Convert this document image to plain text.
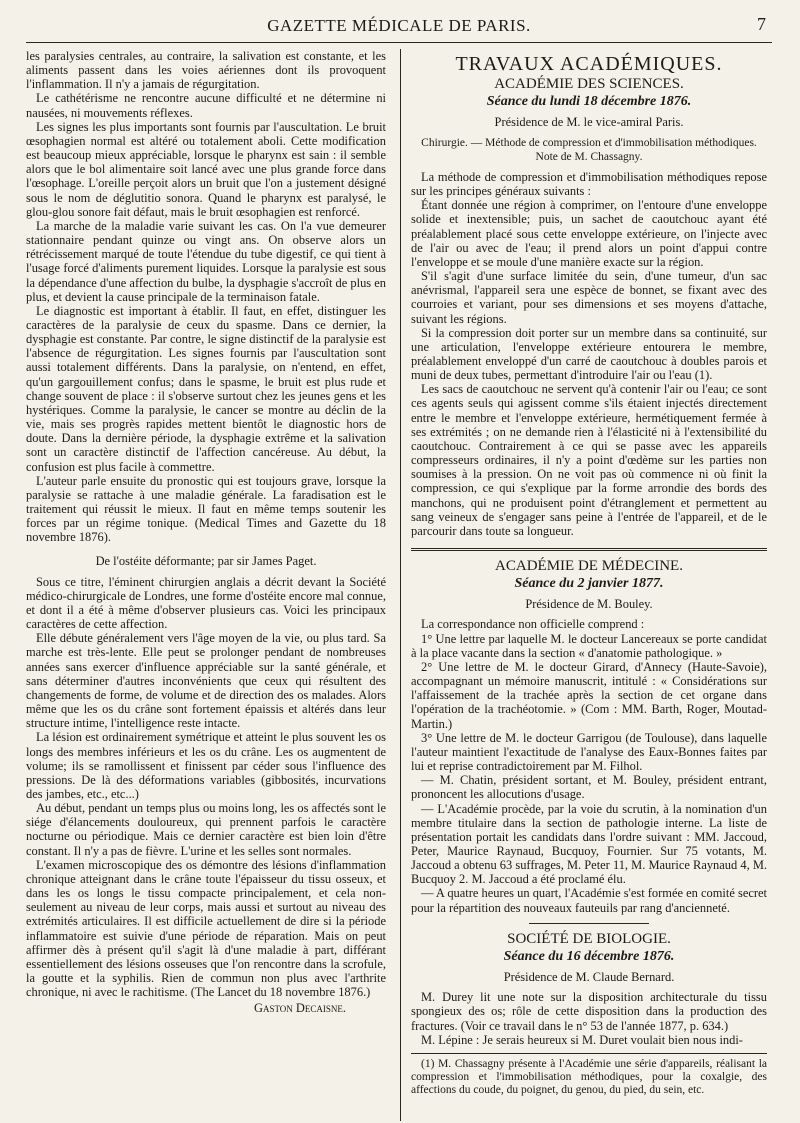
GAZETTE MÉDICALE DE PARIS.	7

les paralysies centrales, au contraire, la salivation est constante, et les aliments passent dans les voies aériennes dont ils provoquent l'inflammation. Il n'y a jamais de régurgitation.

Le cathétérisme ne rencontre aucune difficulté et ne détermine ni nausées, ni mouvements réflexes.

Les signes les plus importants sont fournis par l'auscultation. Le bruit œsophagien normal est altéré ou totalement aboli. Cette modification est beaucoup mieux appréciable, lorsque le pharynx est sain : il semble alors que le bol alimentaire soit lancé avec une plus grande force dans l'œsophage. L'oreille perçoit alors un bruit que l'on a justement désigné sous le nom de déglutitio sonora. Quand le pharynx est paralysé, le glou-glou sonore fait défaut, mais le bruit œsophagien est renforcé.

La marche de la maladie varie suivant les cas. On l'a vue demeurer stationnaire pendant quinze ou vingt ans. On observe alors un rétrécissement marqué de toute l'étendue du tube digestif, ce qui tient à l'usage forcé d'aliments purement liquides. Lorsque la paralysie est sous la dépendance d'une affection du bulbe, la dysphagie s'accroît de plus en plus, et devient la cause principale de la terminaison fatale.

Le diagnostic est important à établir. Il faut, en effet, distinguer les caractères de la paralysie de ceux du spasme. Dans ce dernier, la dysphagie est constante. Par contre, le signe distinctif de la paralysie est l'absence de régurgitation. Les signes fournis par l'auscultation sont aussi totalement différents. Dans la paralysie, on n'entend, en effet, qu'un gargouillement confus; dans le spasme, le bruit est plus rude et change souvent de place : il s'observe surtout chez les jeunes gens et les hystériques. Comme la paralysie, le cancer se montre au déclin de la vie, mais ses progrès rapides mettent bientôt le diagnostic hors de doute. Dans la dernière période, la dysphagie extrême et la salivation sont un caractère distinctif de l'affection cancéreuse. Au début, la confusion est plus facile à commettre.

L'auteur parle ensuite du pronostic qui est toujours grave, lorsque la paralysie se rattache à une maladie générale. La faradisation est le traitement qui réussit le mieux. Il faut en même temps soutenir les forces par un régime tonique. (Medical Times and Gazette du 18 novembre 1876).

De l'ostéite déformante; par sir James Paget.

Sous ce titre, l'éminent chirurgien anglais a décrit devant la Société médico-chirurgicale de Londres, une forme d'ostéite encore mal connue, et dont il a été à même d'observer plusieurs cas. Voici les principaux caractères de cette affection.

Elle débute généralement vers l'âge moyen de la vie, ou plus tard. Sa marche est très-lente. Elle peut se prolonger pendant de nombreuses années sans exercer d'influence appréciable sur la santé générale, et sans déterminer d'autres inconvénients que ceux qui résultent des changements de forme, de volume et de direction des os malades. Alors même que les os du crâne sont fortement épaissis et altérés dans leur structure intime, l'intelligence reste intacte.

La lésion est ordinairement symétrique et atteint le plus souvent les os longs des membres inférieurs et les os du crâne. Les os augmentent de volume; ils se ramollissent et finissent par céder sous l'influence des pressions. De là des déformations variables (gibbosités, incurvations des jambes, etc., etc...)

Au début, pendant un temps plus ou moins long, les os affectés sont le siége d'élancements douloureux, qui prennent parfois le caractère nocturne ou périodique. Mais ce dernier caractère est bien loin d'être constant. Il n'y a pas de fièvre. L'urine et les selles sont normales.

L'examen microscopique des os démontre des lésions d'inflammation chronique atteignant dans le crâne toute l'épaisseur du tissu osseux, et dans les os longs le tissu compacte principalement, et cela non-seulement au niveau de leur corps, mais aussi et surtout au niveau des extrémités articulaires. Il est difficile actuellement de dire si la période inflammatoire est suivie d'une période de réparation. Mais on peut affirmer dès à présent qu'il s'agit là d'une maladie à part, différant essentiellement des lésions osseuses que l'on rencontre dans la scrofule, la goutte et la syphilis. Rien de commun non plus avec l'arthrite chronique, ni avec le rachitisme. (The Lancet du 18 novembre 1876.)

Gaston Decaisne.
TRAVAUX ACADÉMIQUES.
ACADÉMIE DES SCIENCES.
Séance du lundi 18 décembre 1876.
Présidence de M. le vice-amiral Paris.

Chirurgie. — Méthode de compression et d'immobilisation méthodiques. Note de M. Chassagny.

La méthode de compression et d'immobilisation méthodiques repose sur les principes généraux suivants :

Étant donnée une région à comprimer, on l'entoure d'une enveloppe solide et inextensible; puis, un sachet de caoutchouc ayant été préalablement placé sous cette enveloppe extérieure, on l'injecte avec de l'air ou avec de l'eau; il prend alors un point d'appui contre l'enveloppe et se moule d'une manière exacte sur la région.

S'il s'agit d'une surface limitée du sein, d'une tumeur, d'un sac anévrismal, l'appareil sera une espèce de bonnet, se fixant avec des courroies et variant, pour ses dimensions et ses moyens d'attache, suivant les régions.

Si la compression doit porter sur un membre dans sa continuité, sur une articulation, l'enveloppe extérieure entourera le membre, préalablement enveloppé d'un carré de caoutchouc à doubles parois et muni de deux tubes, permettant d'introduire l'air ou l'eau (1).

Les sacs de caoutchouc ne servent qu'à contenir l'air ou l'eau; ce sont ces agents seuls qui agissent comme s'ils étaient injectés directement entre le membre et l'enveloppe extérieure, hermétiquement fermée à ses extrémités ; on ne demande rien à l'élasticité ni à l'extensibilité du caoutchouc. Contrairement à ce qui se passe avec les appareils compresseurs ordinaires, il n'y a point d'œdème sur les parties non soumises à la pression. On ne voit pas où commence ni où finit la compression, ce qui s'explique par la forme arrondie des bords des manchons, qui ne produisent point d'étranglement et permettent au sang veineux de s'engager sans peine à l'entrée de l'appareil, et de le parcourir dans toute sa longueur.

ACADÉMIE DE MÉDECINE.
Séance du 2 janvier 1877.
Présidence de M. Bouley.

La correspondance non officielle comprend :

1° Une lettre par laquelle M. le docteur Lancereaux se porte candidat à la place vacante dans la section « d'anatomie pathologique. »

2° Une lettre de M. le docteur Girard, d'Annecy (Haute-Savoie), accompagnant un mémoire manuscrit, intitulé : « Considérations sur l'affaissement de la trachée après la section de cet organe dans l'opération de la trachéotomie. » (Com : MM. Barth, Roger, Moutad-Martin.)

3° Une lettre de M. le docteur Garrigou (de Toulouse), dans laquelle l'auteur maintient l'exactitude de l'analyse des Eaux-Bonnes faites par lui et reprise contradictoirement par M. Filhol.

— M. Chatin, président sortant, et M. Bouley, président entrant, prononcent les allocutions d'usage.

— L'Académie procède, par la voie du scrutin, à la nomination d'un membre titulaire dans la section de pathologie interne. La liste de présentation portait les candidats dans l'ordre suivant : MM. Jaccoud, Peter, Maurice Raynaud, Bucquoy, Fournier. Sur 75 votants, M. Jaccoud a obtenu 63 suffrages, M. Peter 11, M. Maurice Raynaud 4, M. Bucquoy 2. M. Jaccoud a été proclamé élu.

— A quatre heures un quart, l'Académie s'est formée en comité secret pour la répartition des nouveaux fauteuils par rang d'ancienneté.

SOCIÉTÉ DE BIOLOGIE.
Séance du 16 décembre 1876.
Présidence de M. Claude Bernard.

M. Durey lit une note sur la disposition architecturale du tissu spongieux des os; rôle de cette disposition dans la production des fractures. (Voir ce travail dans le n° 53 de l'année 1877, p. 634.)

M. Lépine : Je serais heureux si M. Duret voulait bien nous indi-

(1) M. Chassagny présente à l'Académie une série d'appareils, réalisant la compression et l'immobilisation méthodiques, pour la coxalgie, des affections du coude, du poignet, du genou, du pied, du sein, etc.
